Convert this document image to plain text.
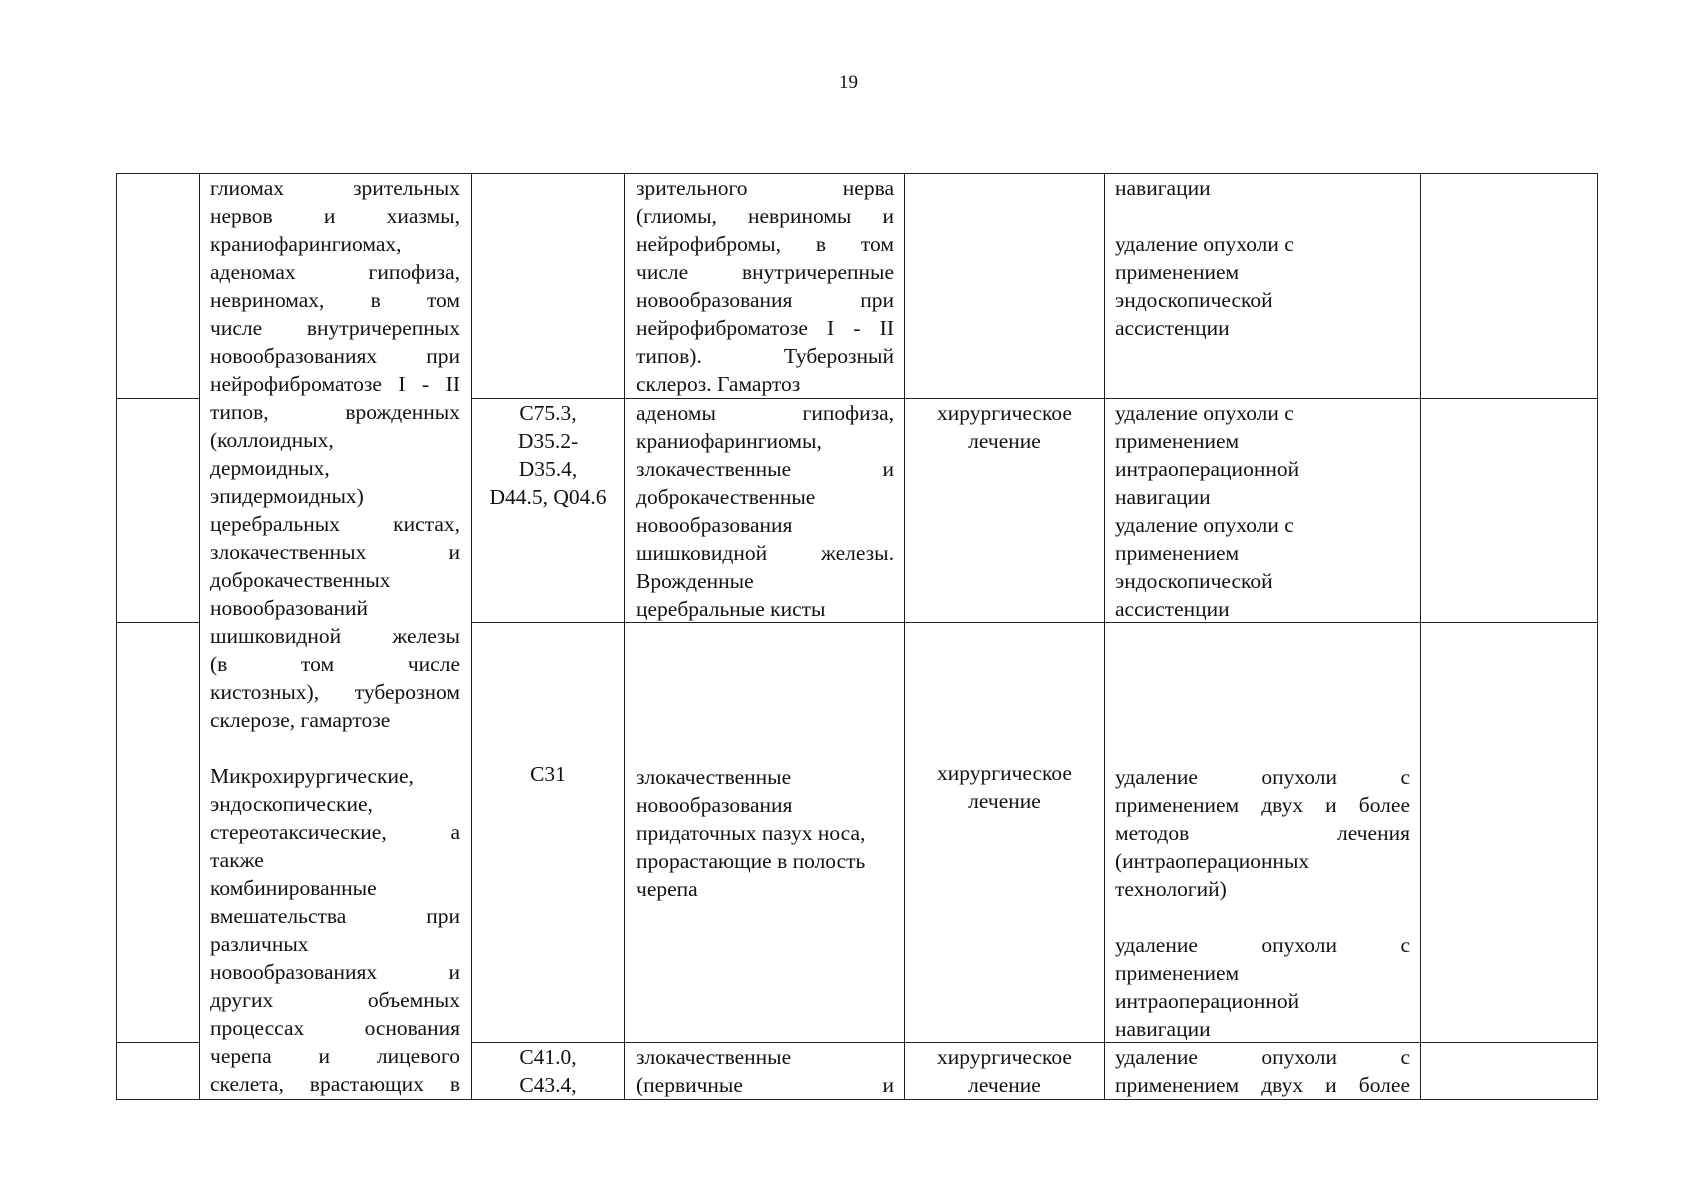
19
глиомах зрительных
нервов и хиазмы,
краниофарингиомах,
аденомах гипофиза,
невриномах, в том
числе внутричерепных
новообразованиях при
нейрофиброматозе I - II
типов, врожденных
(коллоидных,
дермоидных,
эпидермоидных)
церебральных кистах,
злокачественных и
доброкачественных
новообразований
шишковидной железы
(в том числе
кистозных), туберозном
склерозе, гамартозе
Микрохирургические,
эндоскопические,
стереотаксические, а
также
комбинированные
вмешательства при
различных
новообразованиях и
других объемных
процессах основания
черепа и лицевого
скелета, врастающих в
зрительного нерва
(глиомы, невриномы и
нейрофибромы, в том
числе внутричерепные
новообразования при
нейрофиброматозе I - II
типов). Туберозный
склероз. Гамартоз
навигации
удаление опухоли с
применением
эндоскопической
ассистенции
C75.3,
D35.2-
D35.4,
D44.5, Q04.6
аденомы гипофиза,
краниофарингиомы,
злокачественные и
доброкачественные
новообразования
шишковидной железы.
Врожденные
церебральные кисты
хирургическое
лечение
удаление опухоли с
применением
интраоперационной
навигации
удаление опухоли с
применением
эндоскопической
ассистенции
C31	злокачественные
новообразования
придаточных пазух носа,
прорастающие в полость
черепа
хирургическое
лечение
удаление опухоли с
применением двух и более
методов лечения
(интраоперационных
технологий)
удаление опухоли с
применением
интраоперационной
навигации
C41.0,
C43.4,
злокачественные
(первичные и
хирургическое
лечение
удаление опухоли с
применением двух и более
